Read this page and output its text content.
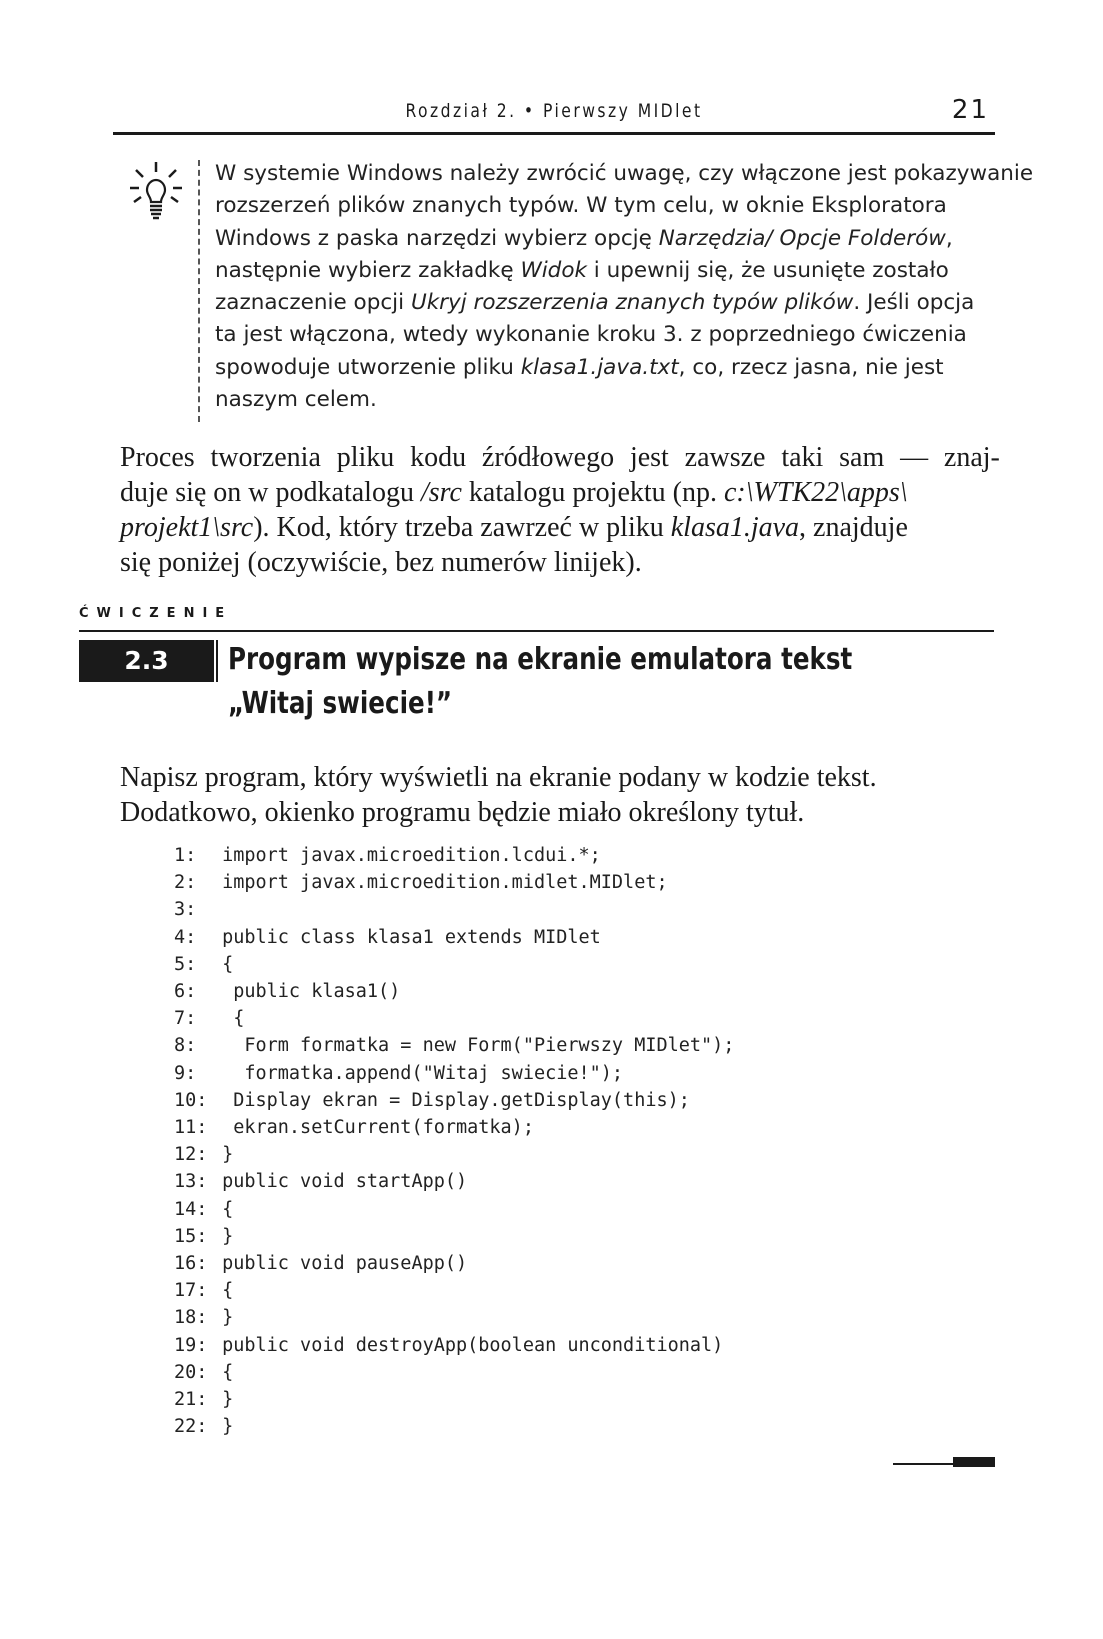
Rozdział 2. • Pierwszy MIDlet	21
W systemie Windows należy zwrócić uwagę, czy włączone jest pokazywanie
rozszerzeń plików znanych typów. W tym celu, w oknie Eksploratora
Windows z paska narzędzi wybierz opcję Narzędzia/ Opcje Folderów,
następnie wybierz zakładkę Widok i upewnij się, że usunięte zostało
zaznaczenie opcji Ukryj rozszerzenia znanych typów plików. Jeśli opcja
ta jest włączona, wtedy wykonanie kroku 3. z poprzedniego ćwiczenia
spowoduje utworzenie pliku klasa1.java.txt, co, rzecz jasna, nie jest
naszym celem.
Proces tworzenia pliku kodu źródłowego jest zawsze taki sam — znaj-
duje się on w podkatalogu /src katalogu projektu (np. c:\WTK22\apps\
projekt1\src). Kod, który trzeba zawrzeć w pliku klasa1.java, znajduje
się poniżej (oczywiście, bez numerów linijek).
ĆWICZENIE
2.3	Program wypisze na ekranie emulatora tekst
„Witaj swiecie!”
Napisz program, który wyświetli na ekranie podany w kodzie tekst.
Dodatkowo, okienko programu będzie miało określony tytuł.
1: import javax.microedition.lcdui.*;
2: import javax.microedition.midlet.MIDlet;
3:
4: public class klasa1 extends MIDlet
5: {
6: public klasa1()
7: {
8:  Form formatka = new Form("Pierwszy MIDlet");
9:  formatka.append("Witaj swiecie!");
10: Display ekran = Display.getDisplay(this);
11: ekran.setCurrent(formatka);
12: }
13: public void startApp()
14: {
15: }
16: public void pauseApp()
17: {
18: }
19: public void destroyApp(boolean unconditional)
20: {
21: }
22: }
